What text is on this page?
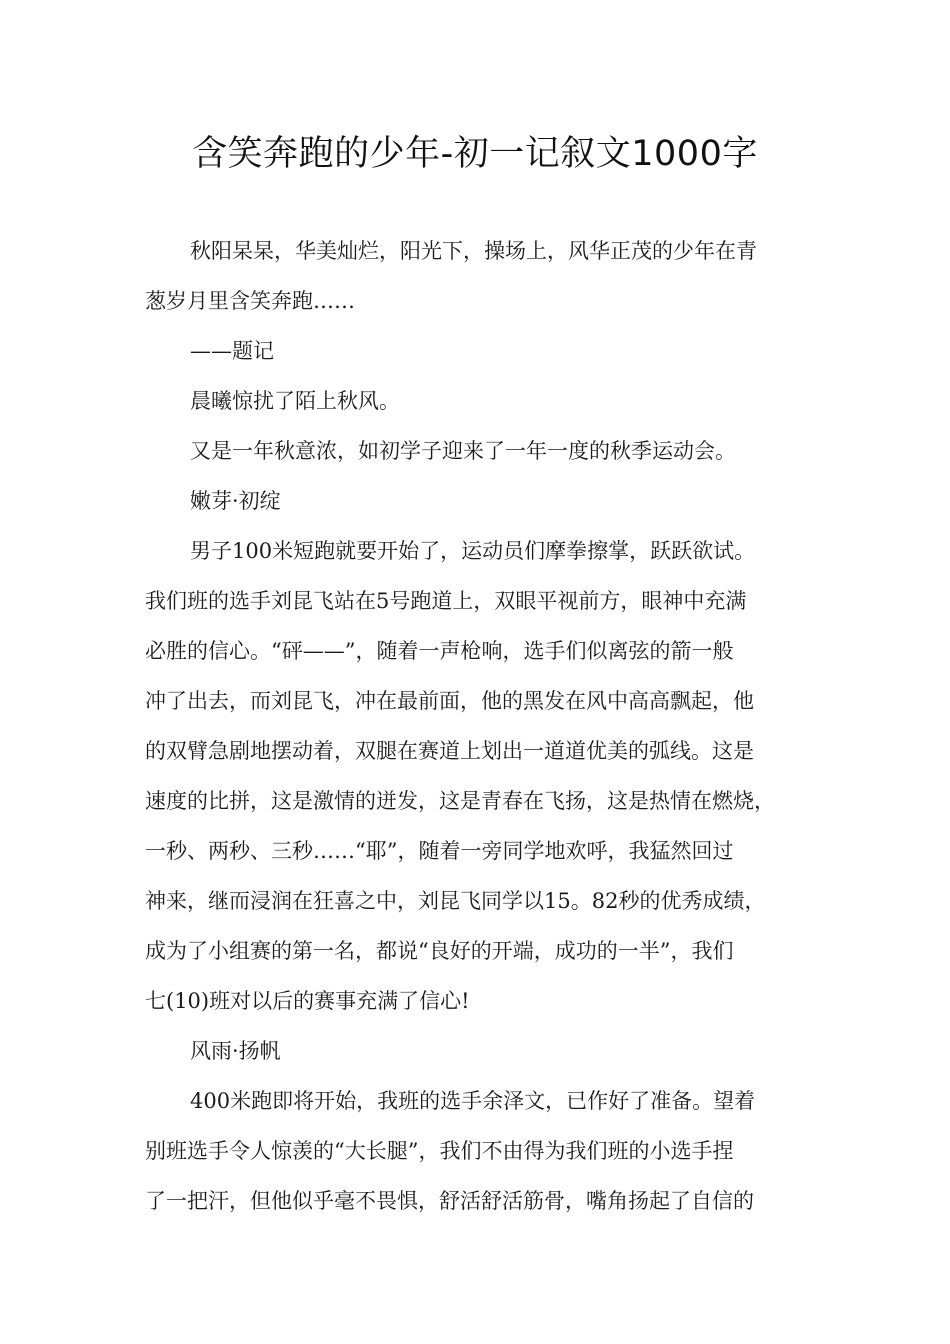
含笑奔跑的少年-初一记叙文1000字
秋阳杲杲，华美灿烂，阳光下，操场上，风华正茂的少年在青
葱岁月里含笑奔跑……
——题记
晨曦惊扰了陌上秋风。
又是一年秋意浓，如初学子迎来了一年一度的秋季运动会。
嫩芽·初绽
男子100米短跑就要开始了，运动员们摩拳擦掌，跃跃欲试。
我们班的选手刘昆飞站在5号跑道上，双眼平视前方，眼神中充满
必胜的信心。“砰——”，随着一声枪响，选手们似离弦的箭一般
冲了出去，而刘昆飞，冲在最前面，他的黑发在风中高高飘起，他
的双臂急剧地摆动着，双腿在赛道上划出一道道优美的弧线。这是
速度的比拼，这是激情的迸发，这是青春在飞扬，这是热情在燃烧，
一秒、两秒、三秒……“耶”，随着一旁同学地欢呼，我猛然回过
神来，继而浸润在狂喜之中，刘昆飞同学以15。82秒的优秀成绩，
成为了小组赛的第一名，都说“良好的开端，成功的一半”，我们
七(10)班对以后的赛事充满了信心!
风雨·扬帆
400米跑即将开始，我班的选手余泽文，已作好了准备。望着
别班选手令人惊羡的“大长腿”，我们不由得为我们班的小选手捏
了一把汗，但他似乎毫不畏惧，舒活舒活筋骨，嘴角扬起了自信的
